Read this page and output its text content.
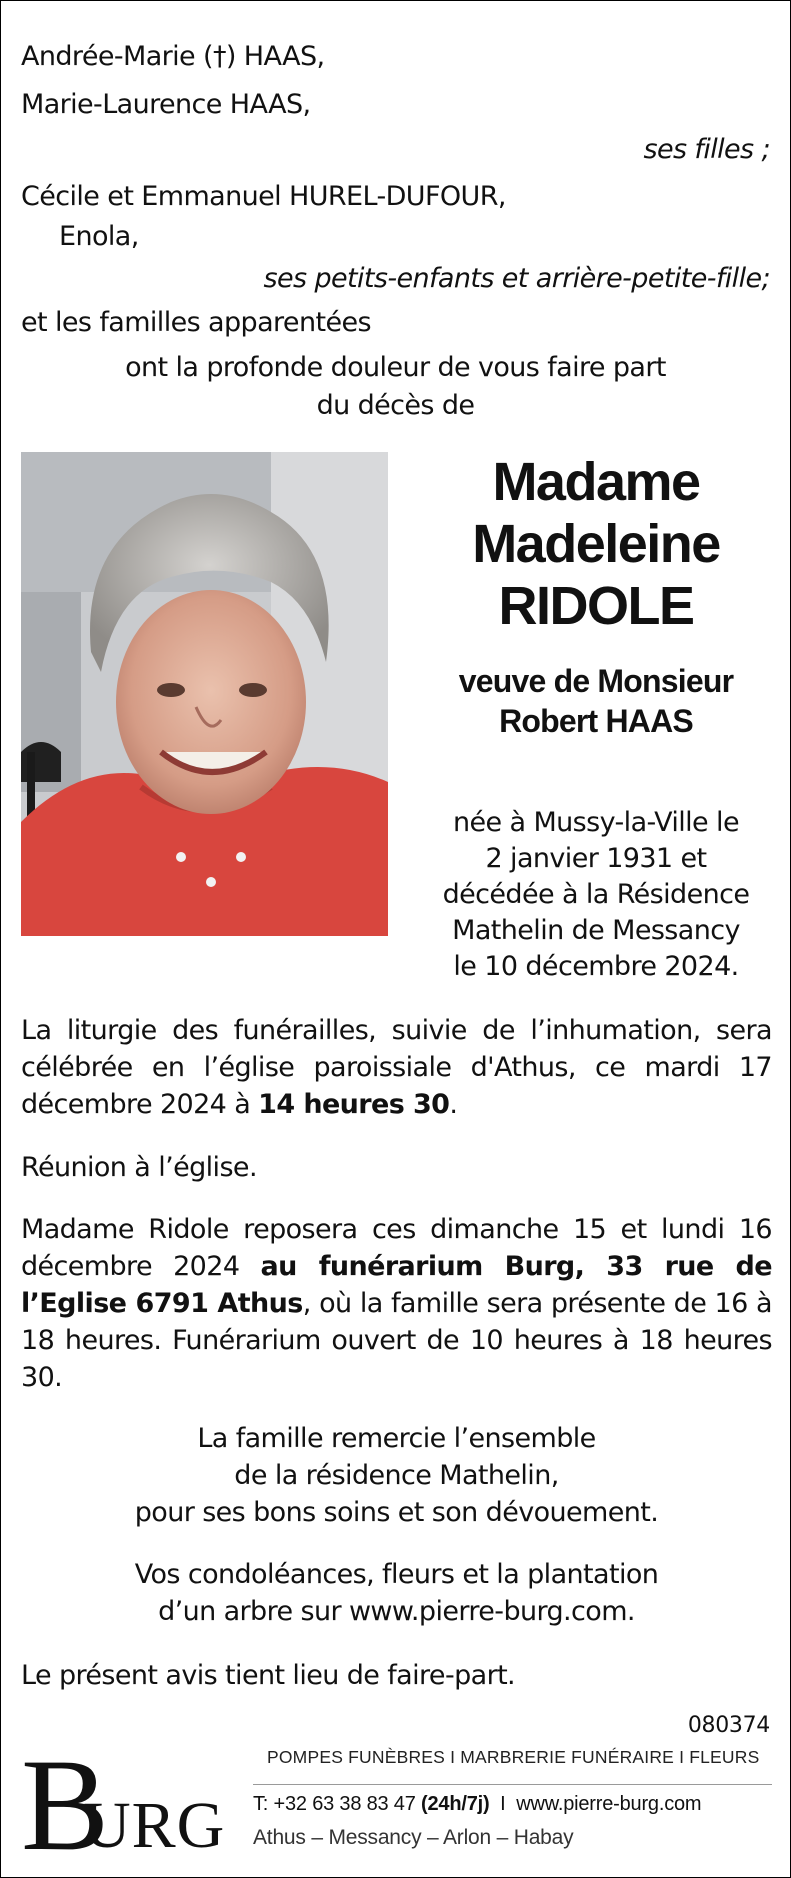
Andrée-Marie (†) HAAS,
Marie-Laurence HAAS,
ses filles ;
Cécile et Emmanuel HUREL-DUFOUR,
Enola,
ses petits-enfants et arrière-petite-fille;
et les familles apparentées
ont la profonde douleur de vous faire part
du décès de
Madame
Madeleine
RIDOLE
veuve de Monsieur
Robert HAAS
née à Mussy-la-Ville le
2 janvier 1931 et
décédée à la Résidence
Mathelin de Messancy
le 10 décembre 2024.
La liturgie des funérailles, suivie de l’inhumation, sera célébrée en l’église paroissiale d'Athus, ce mardi 17 décembre 2024 à 14 heures 30.
Réunion à l’église.
Madame Ridole reposera ces dimanche 15 et lundi 16 décembre 2024 au funérarium Burg, 33 rue de l’Eglise 6791 Athus, où la famille sera présente de 16 à 18 heures. Funérarium ouvert de 10 heures à 18 heures 30.
La famille remercie l’ensemble
de la résidence Mathelin,
pour ses bons soins et son dévouement.
Vos condoléances, fleurs et la plantation
d’un arbre sur www.pierre-burg.com.
Le présent avis tient lieu de faire-part.
080374
B
URG
POMPES FUNÈBRES I MARBRERIE FUNÉRAIRE I FLEURS
T: +32 63 38 83 47 (24h/7j)  I  www.pierre-burg.com
Athus – Messancy – Arlon – Habay
